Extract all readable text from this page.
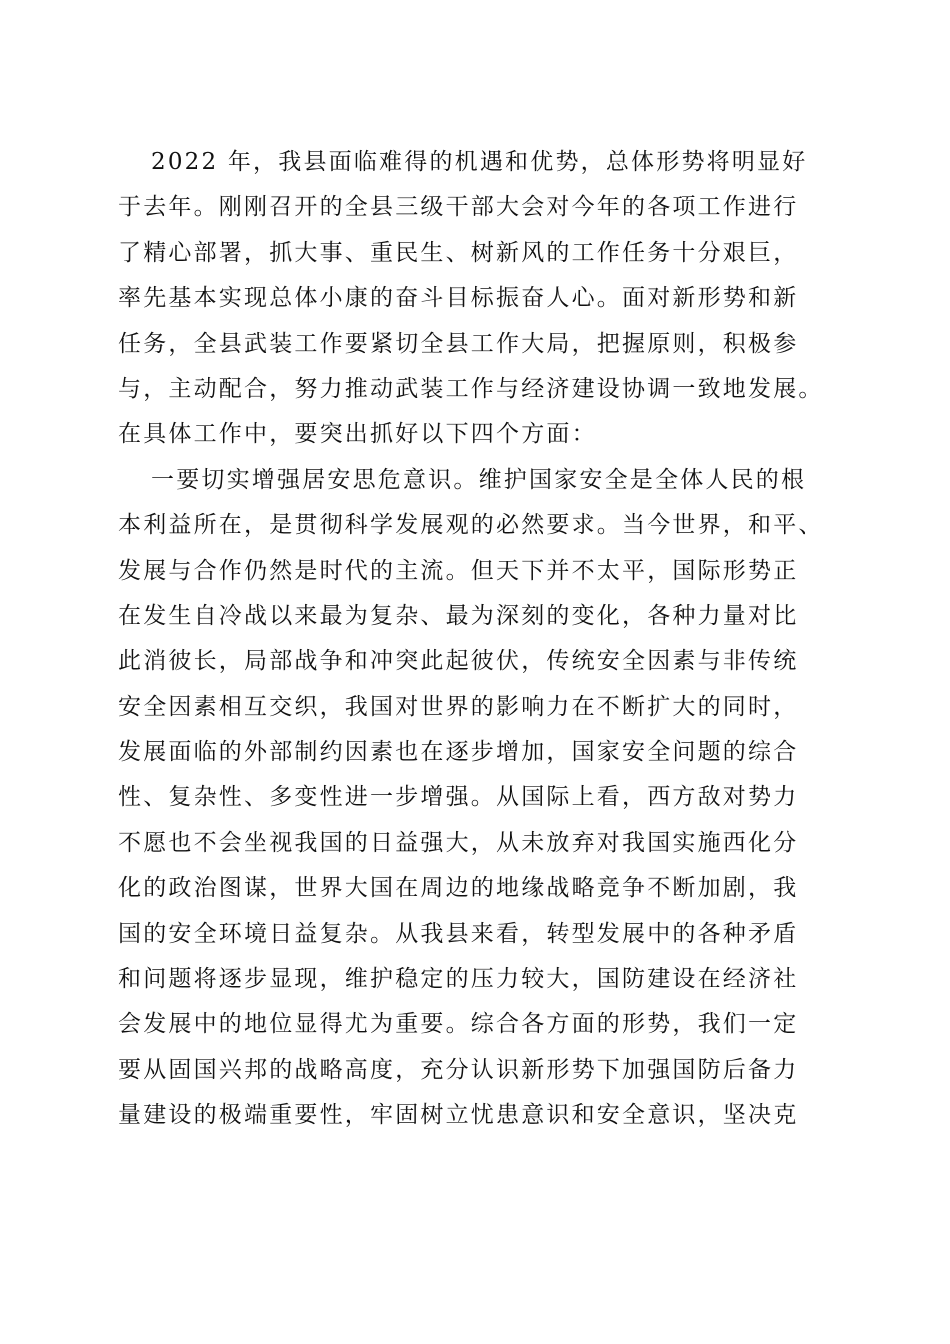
2022 年，我县面临难得的机遇和优势，总体形势将明显好
于去年。刚刚召开的全县三级干部大会对今年的各项工作进行
了精心部署，抓大事、重民生、树新风的工作任务十分艰巨，
率先基本实现总体小康的奋斗目标振奋人心。面对新形势和新
任务，全县武装工作要紧切全县工作大局，把握原则，积极参
与，主动配合，努力推动武装工作与经济建设协调一致地发展。
在具体工作中，要突出抓好以下四个方面：
一要切实增强居安思危意识。维护国家安全是全体人民的根
本利益所在，是贯彻科学发展观的必然要求。当今世界，和平、
发展与合作仍然是时代的主流。但天下并不太平，国际形势正
在发生自冷战以来最为复杂、最为深刻的变化，各种力量对比
此消彼长，局部战争和冲突此起彼伏，传统安全因素与非传统
安全因素相互交织，我国对世界的影响力在不断扩大的同时，
发展面临的外部制约因素也在逐步增加，国家安全问题的综合
性、复杂性、多变性进一步增强。从国际上看，西方敌对势力
不愿也不会坐视我国的日益强大，从未放弃对我国实施西化分
化的政治图谋，世界大国在周边的地缘战略竞争不断加剧，我
国的安全环境日益复杂。从我县来看，转型发展中的各种矛盾
和问题将逐步显现，维护稳定的压力较大，国防建设在经济社
会发展中的地位显得尤为重要。综合各方面的形势，我们一定
要从固国兴邦的战略高度，充分认识新形势下加强国防后备力
量建设的极端重要性，牢固树立忧患意识和安全意识，坚决克
